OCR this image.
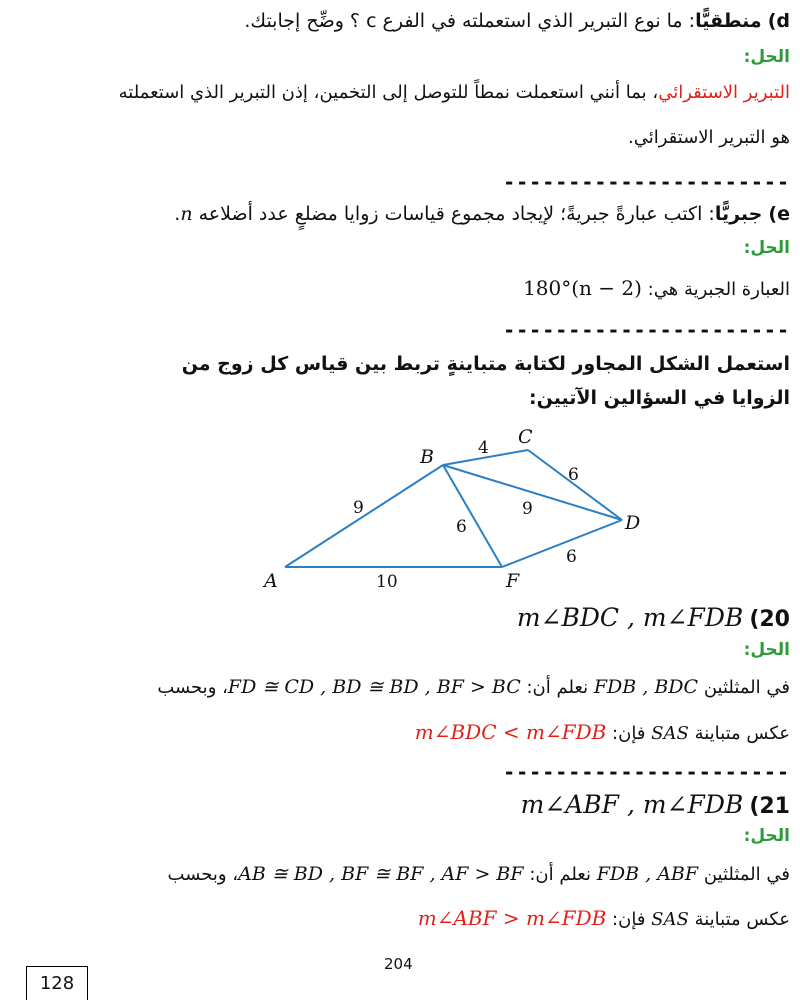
d) منطقيًّا: ما نوع التبرير الذي استعملته في الفرع c ؟ وضِّح إجابتك.
الحل:
التبرير الاستقرائي، بما أنني استعملت نمطاً للتوصل إلى التخمين، إذن التبرير الذي استعملته
هو التبرير الاستقرائي.
----------------------
e) جبريًّا: اكتب عبارةً جبريةً؛ لإيجاد مجموع قياسات زوايا مضلعٍ عدد أضلاعه n.
الحل:
العبارة الجبرية هي: 180°(n − 2)
----------------------
استعمل الشكل المجاور لكتابة متباينةٍ تربط بين قياس كل زوج من
الزوايا في السؤالين الآتيين:
A
B
C
D
F
9
4
6
9
6
6
10
20) m∠BDC , m∠FDB
الحل:
في المثلثين FDB , BDC نعلم أن: FD ≅ CD , BD ≅ BD , BF > BC، وبحسب
عكس متباينة SAS فإن: m∠BDC < m∠FDB
----------------------
21) m∠ABF , m∠FDB
الحل:
في المثلثين FDB , ABF نعلم أن: AB ≅ BD , BF ≅ BF , AF > BF، وبحسب
عكس متباينة SAS فإن: m∠ABF > m∠FDB
204
128
